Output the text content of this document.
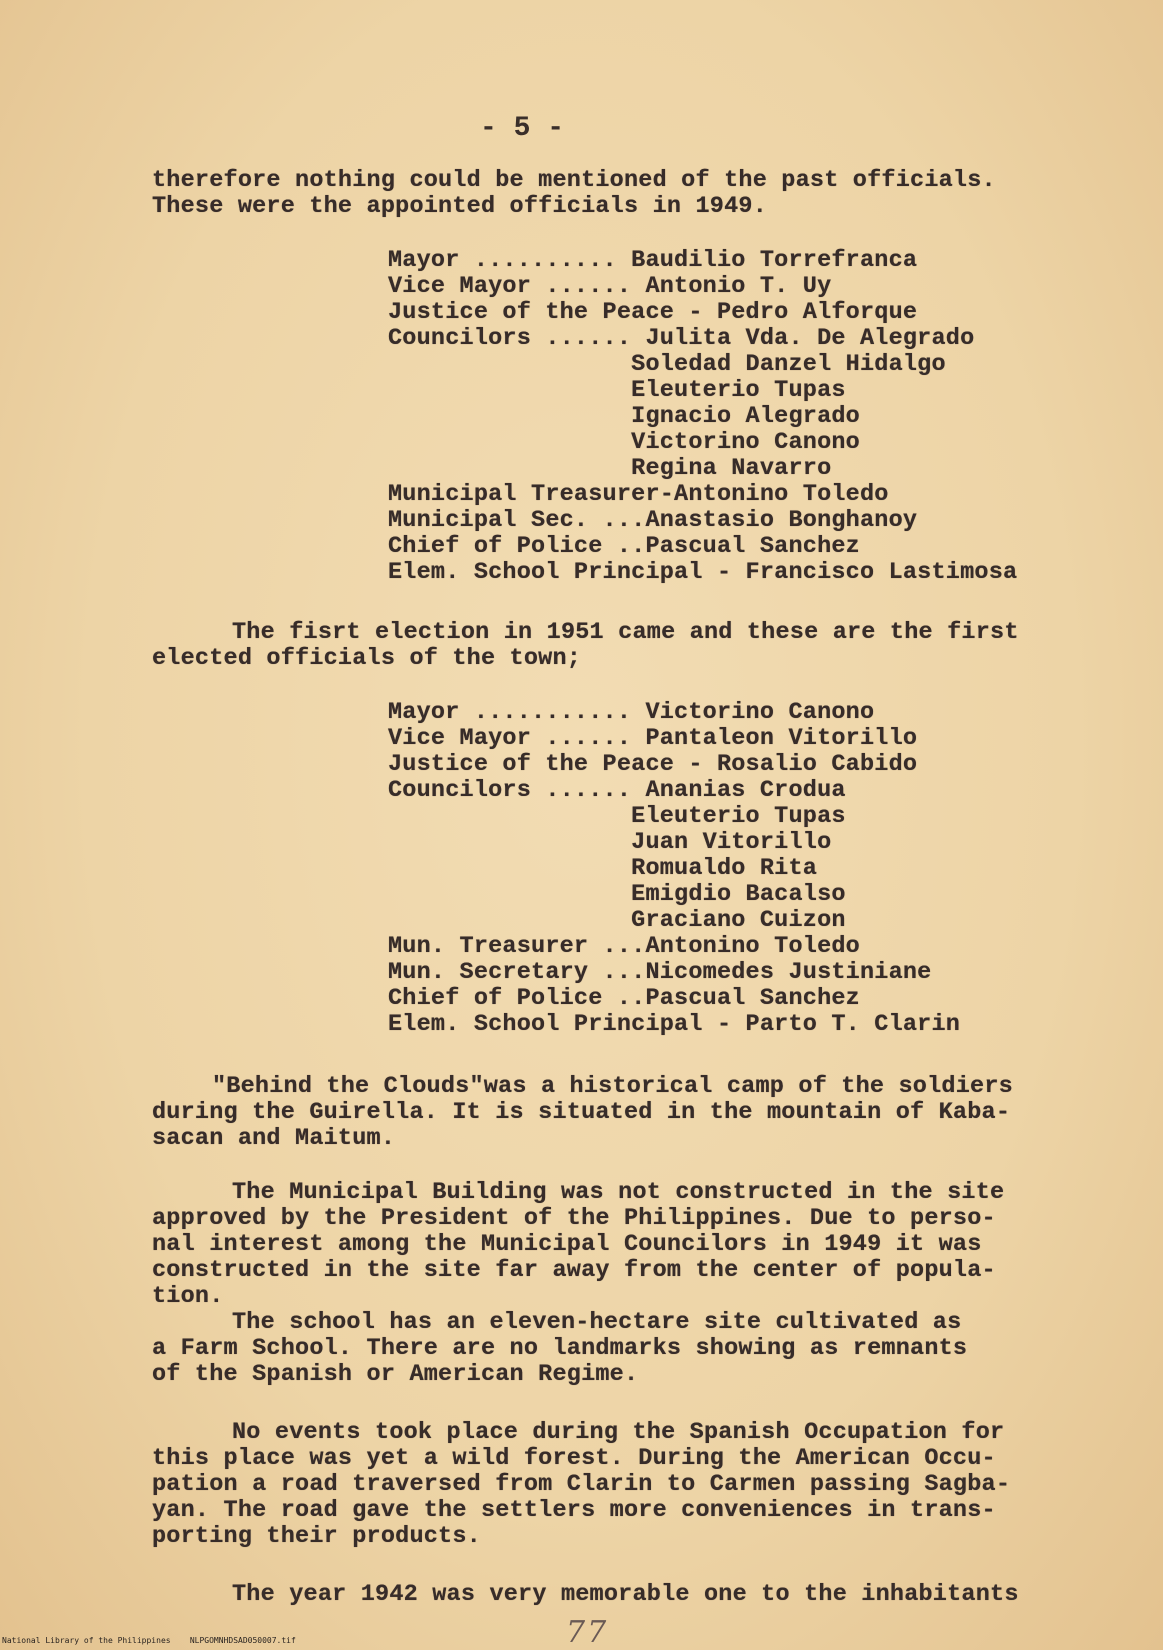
- 5 -
therefore nothing could be mentioned of the past officials.
These were the appointed officials in 1949.
Mayor .......... Baudilio Torrefranca
Vice Mayor ...... Antonio T. Uy
Justice of the Peace - Pedro Alforque
Councilors ...... Julita Vda. De Alegrado
Soledad Danzel Hidalgo
Eleuterio Tupas
Ignacio Alegrado
Victorino Canono
Regina Navarro
Municipal Treasurer-Antonino Toledo
Municipal Sec. ...Anastasio Bonghanoy
Chief of Police ..Pascual Sanchez
Elem. School Principal - Francisco Lastimosa
The fisrt election in 1951 came and these are the first
elected officials of the town;
Mayor ........... Victorino Canono
Vice Mayor ...... Pantaleon Vitorillo
Justice of the Peace - Rosalio Cabido
Councilors ...... Ananias Crodua
Eleuterio Tupas
Juan Vitorillo
Romualdo Rita
Emigdio Bacalso
Graciano Cuizon
Mun. Treasurer ...Antonino Toledo
Mun. Secretary ...Nicomedes Justiniane
Chief of Police ..Pascual Sanchez
Elem. School Principal - Parto T. Clarin
"Behind the Clouds"was a historical camp of the soldiers
during the Guirella. It is situated in the mountain of Kaba-
sacan and Maitum.
The Municipal Building was not constructed in the site
approved by the President of the Philippines. Due to perso-
nal interest among the Municipal Councilors in 1949 it was
constructed in the site far away from the center of popula-
tion.
The school has an eleven-hectare site cultivated as
a Farm School. There are no landmarks showing as remnants
of the Spanish or American Regime.
No events took place during the Spanish Occupation for
this place was yet a wild forest. During the American Occu-
pation a road traversed from Clarin to Carmen passing Sagba-
yan. The road gave the settlers more conveniences in trans-
porting their products.
The year 1942 was very memorable one to the inhabitants
77
National Library of the Philippines    NLPGOMNHDSAD050007.tif
